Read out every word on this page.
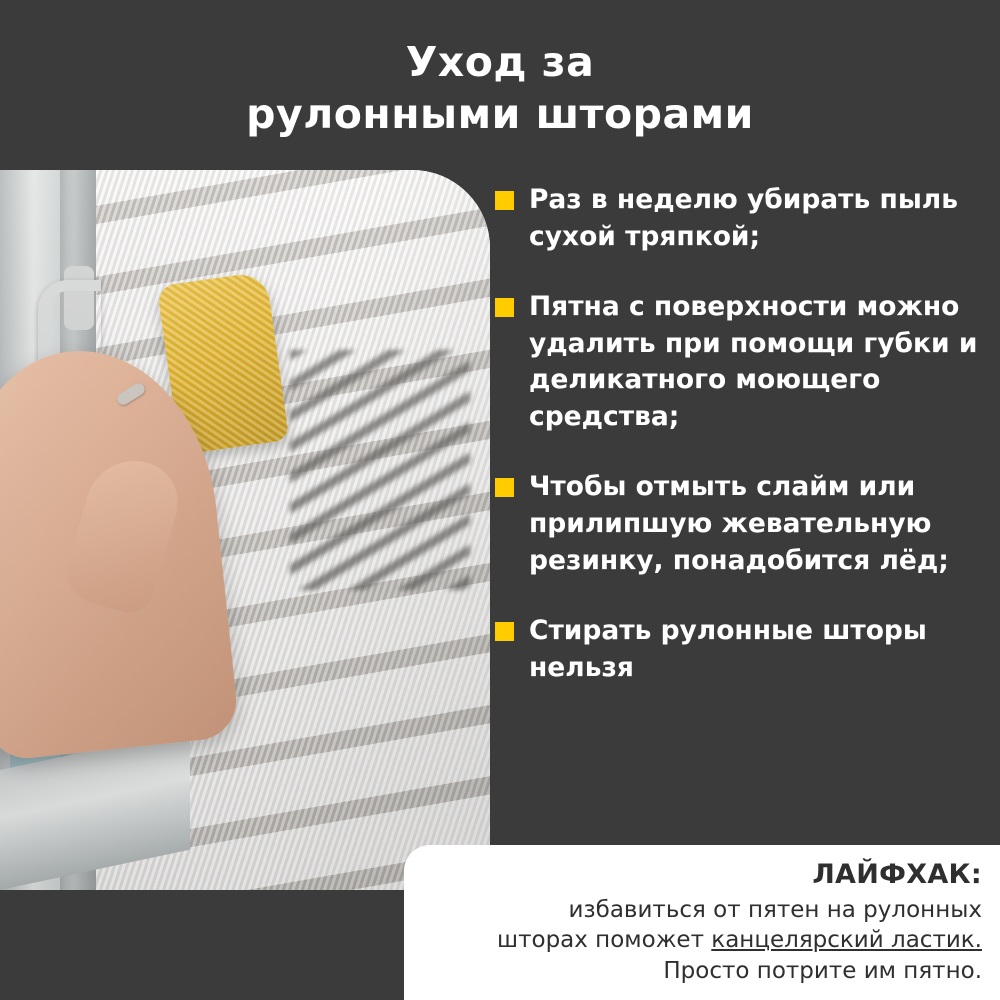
Уход за
рулонными шторами
Раз в неделю убирать пыль сухой тряпкой;
Пятна с поверхности можно удалить при помощи губки и деликатного моющего средства;
Чтобы отмыть слайм или прилипшую жевательную резинку, понадобится лёд;
Стирать рулонные шторы нельзя
ЛАЙФХАК:
избавиться от пятен на рулонных
шторах поможет канцелярский ластик.
Просто потрите им пятно.
